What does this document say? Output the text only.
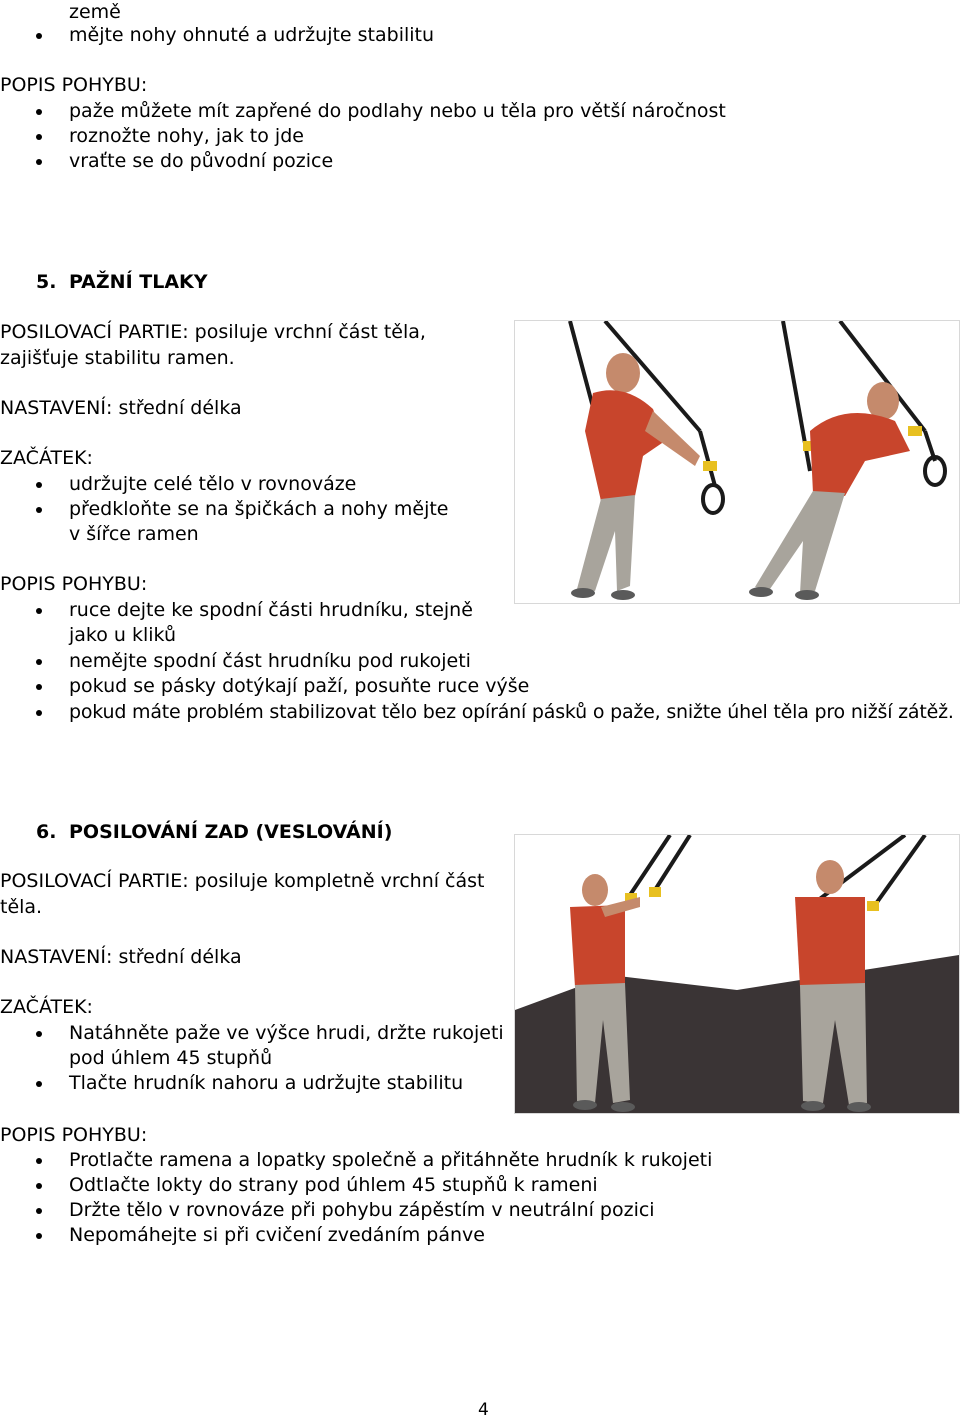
země
mějte nohy ohnuté a udržujte stabilitu
POPIS POHYBU:
paže můžete mít zapřené do podlahy nebo u těla pro větší náročnost
roznožte nohy, jak to jde
vraťte se do původní pozice
5. PAŽNÍ TLAKY
POSILOVACÍ PARTIE: posiluje vrchní část těla,
zajišťuje stabilitu ramen.
NASTAVENÍ: střední délka
ZAČÁTEK:
udržujte celé tělo v rovnováze
předkloňte se na špičkách a nohy mějte
v šířce ramen
POPIS POHYBU:
ruce dejte ke spodní části hrudníku, stejně
jako u kliků
nemějte spodní část hrudníku pod rukojeti
pokud se pásky dotýkají paží, posuňte ruce výše
pokud máte problém stabilizovat tělo bez opírání pásků o paže, snižte úhel těla pro nižší zátěž.
6. POSILOVÁNÍ ZAD (VESLOVÁNÍ)
POSILOVACÍ PARTIE: posiluje kompletně vrchní část
těla.
NASTAVENÍ: střední délka
ZAČÁTEK:
Natáhněte paže ve výšce hrudi, držte rukojeti
pod úhlem 45 stupňů
Tlačte hrudník nahoru a udržujte stabilitu
POPIS POHYBU:
Protlačte ramena a lopatky společně a přitáhněte hrudník k rukojeti
Odtlačte lokty do strany pod úhlem 45 stupňů k rameni
Držte tělo v rovnováze při pohybu zápěstím v neutrální pozici
Nepomáhejte si při cvičení zvedáním pánve
4
